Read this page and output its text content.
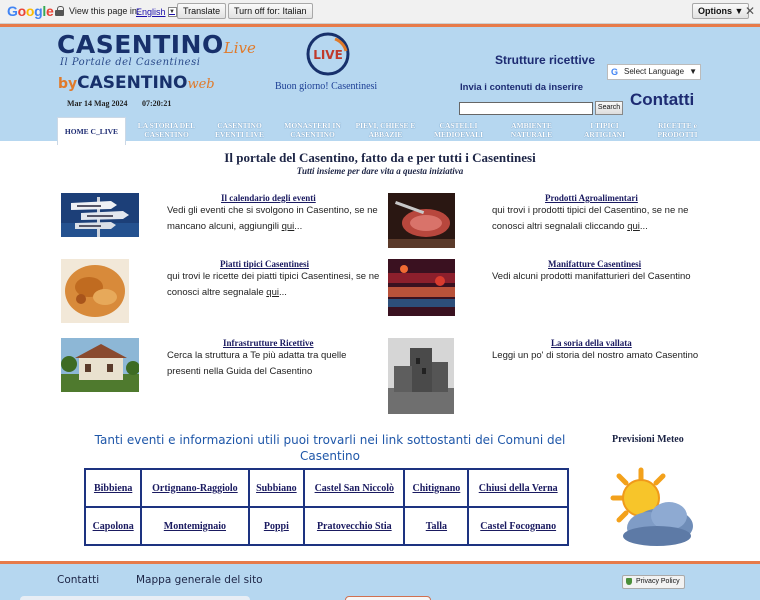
Google View this page in:
English ▼ Translate	Turn off for: Italian	Options ▼ ✕
CASENTINOLive
Il Portale del Casentinesi
byCASENTINOweb
Mar 14 Mag 2024 07:20:21
LIVE
Buon giorno! Casentinesi
Strutture ricettive
Invia i contenuti da inserire
G Select Language ▼
Search Contatti
HOME C_LIVE
LA STORIA DEL CASENTINO
CASENTINO EVENTI LIVE
MONASTERI IN CASENTINO
PIEVI, CHIESE E ABBAZIE
CASTELLI MEDIOEVALI
AMBIENTE NATURALE
I TIPICI ARTIGIANI
RICETTE e PRODOTTI
Il portale del Casentino, fatto da e per tutti i Casentinesi
Tutti insieme per dare vita a questa iniziativa
Il calendario degli eventi
Vedi gli eventi che si svolgono in Casentino, se ne mancano alcuni, aggiungili qui...
Prodotti Agroalimentari
qui trovi i prodotti tipici del Casentino, se ne ne conosci altri segnalali cliccando qui...
Piatti tipici Casentinesi
qui trovi le ricette dei piatti tipici Casentinesi, se ne conosci altre segnalale qui...
Manifatture Casentinesi
Vedi alcuni prodotti manifatturieri del Casentino
Infrastrutture Ricettive
Cerca la struttura a Te più adatta tra quelle presenti nella Guida del Casentino
La soria della vallata
Leggi un po' di storia del nostro amato Casentino
Tanti eventi e informazioni utili puoi trovarli nei link sottostanti dei Comuni del Casentino
Bibbiena	Ortignano-Raggiolo	Subbiano	Castel San Niccolò	Chitignano	Chiusi della Verna
Capolona	Montemignaio	Poppi	Pratovecchio Stia	Talla	Castel Focognano
Previsioni Meteo
Contatti	Mappa generale del sito	Privacy Policy
